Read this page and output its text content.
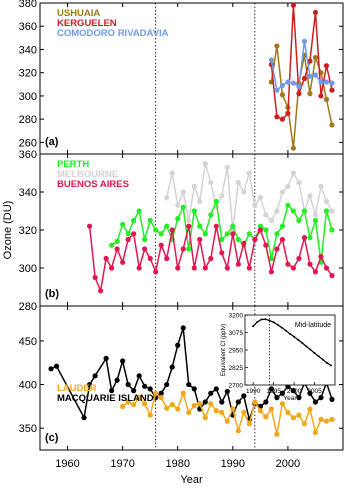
260
280
300
320
340
360
380
(a)
280
300
320
340
360
(b)
350
400
450
(c)
1960	1970	1980	1990	2000
Year
Ozone (DU)
USHUAIA
KERGUELEN
COMODORO RIVADAVIA
MELBOURNE
PERTH
BUENOS AIRES
MACQUARIE ISLAND
LAUDER	2700
2825
2950
3075
3200
1990 1995 2000 2005
Mid-latitude
Year
Equivalent Cl (pptv)
